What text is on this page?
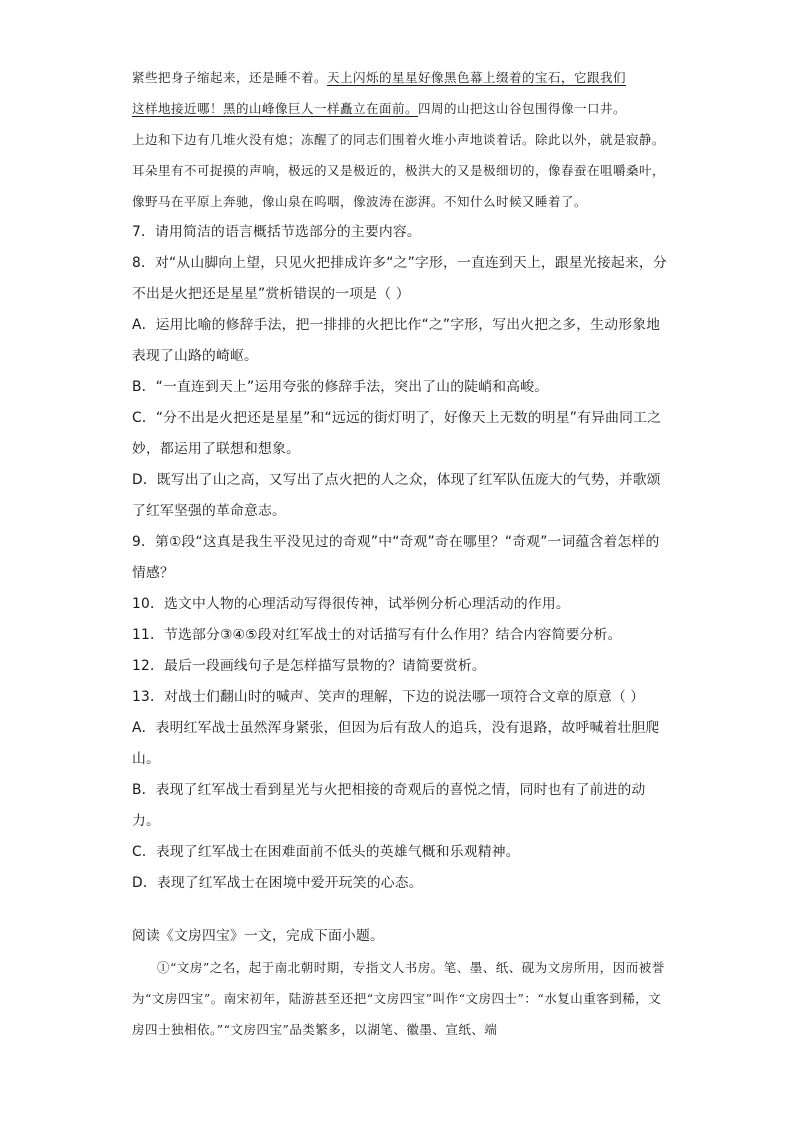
紧些把身子缩起来，还是睡不着。天上闪烁的星星好像黑色幕上缀着的宝石，它跟我们

这样地接近哪！黑的山峰像巨人一样矗立在面前。四周的山把这山谷包围得像一口井。

上边和下边有几堆火没有熄；冻醒了的同志们围着火堆小声地谈着话。除此以外，就是寂静。耳朵里有不可捉摸的声响，极远的又是极近的，极洪大的又是极细切的，像春蚕在咀嚼桑叶，像野马在平原上奔驰，像山泉在呜咽，像波涛在澎湃。不知什么时候又睡着了。

7．请用简洁的语言概括节选部分的主要内容。

8．对“从山脚向上望，只见火把排成许多“之”字形，一直连到天上，跟星光接起来，分不出是火把还是星星”赏析错误的一项是（ ）

A．运用比喻的修辞手法，把一排排的火把比作“之”字形，写出火把之多，生动形象地表现了山路的崎岖。

B．“一直连到天上”运用夸张的修辞手法，突出了山的陡峭和高峻。

C．“分不出是火把还是星星”和“远远的街灯明了，好像天上无数的明星”有异曲同工之妙，都运用了联想和想象。

D．既写出了山之高，又写出了点火把的人之众，体现了红军队伍庞大的气势，并歌颂了红军坚强的革命意志。

9．第①段“这真是我生平没见过的奇观”中“奇观”奇在哪里？“奇观”一词蕴含着怎样的情感？

10．选文中人物的心理活动写得很传神，试举例分析心理活动的作用。

11．节选部分③④⑤段对红军战士的对话描写有什么作用？结合内容简要分析。

12．最后一段画线句子是怎样描写景物的？请简要赏析。

13．对战士们翻山时的喊声、笑声的理解，下边的说法哪一项符合文章的原意（ ）

A．表明红军战士虽然浑身紧张，但因为后有敌人的追兵，没有退路，故呼喊着壮胆爬山。

B．表现了红军战士看到星光与火把相接的奇观后的喜悦之情，同时也有了前进的动力。

C．表现了红军战士在困难面前不低头的英雄气概和乐观精神。

D．表现了红军战士在困境中爱开玩笑的心态。

阅读《文房四宝》一文，完成下面小题。

①“文房”之名，起于南北朝时期，专指文人书房。笔、墨、纸、砚为文房所用，因而被誉为“文房四宝”。南宋初年，陆游甚至还把“文房四宝”叫作“文房四士”：“水复山重客到稀，文房四士独相依。”“文房四宝”品类繁多，以湖笔、徽墨、宣纸、端
